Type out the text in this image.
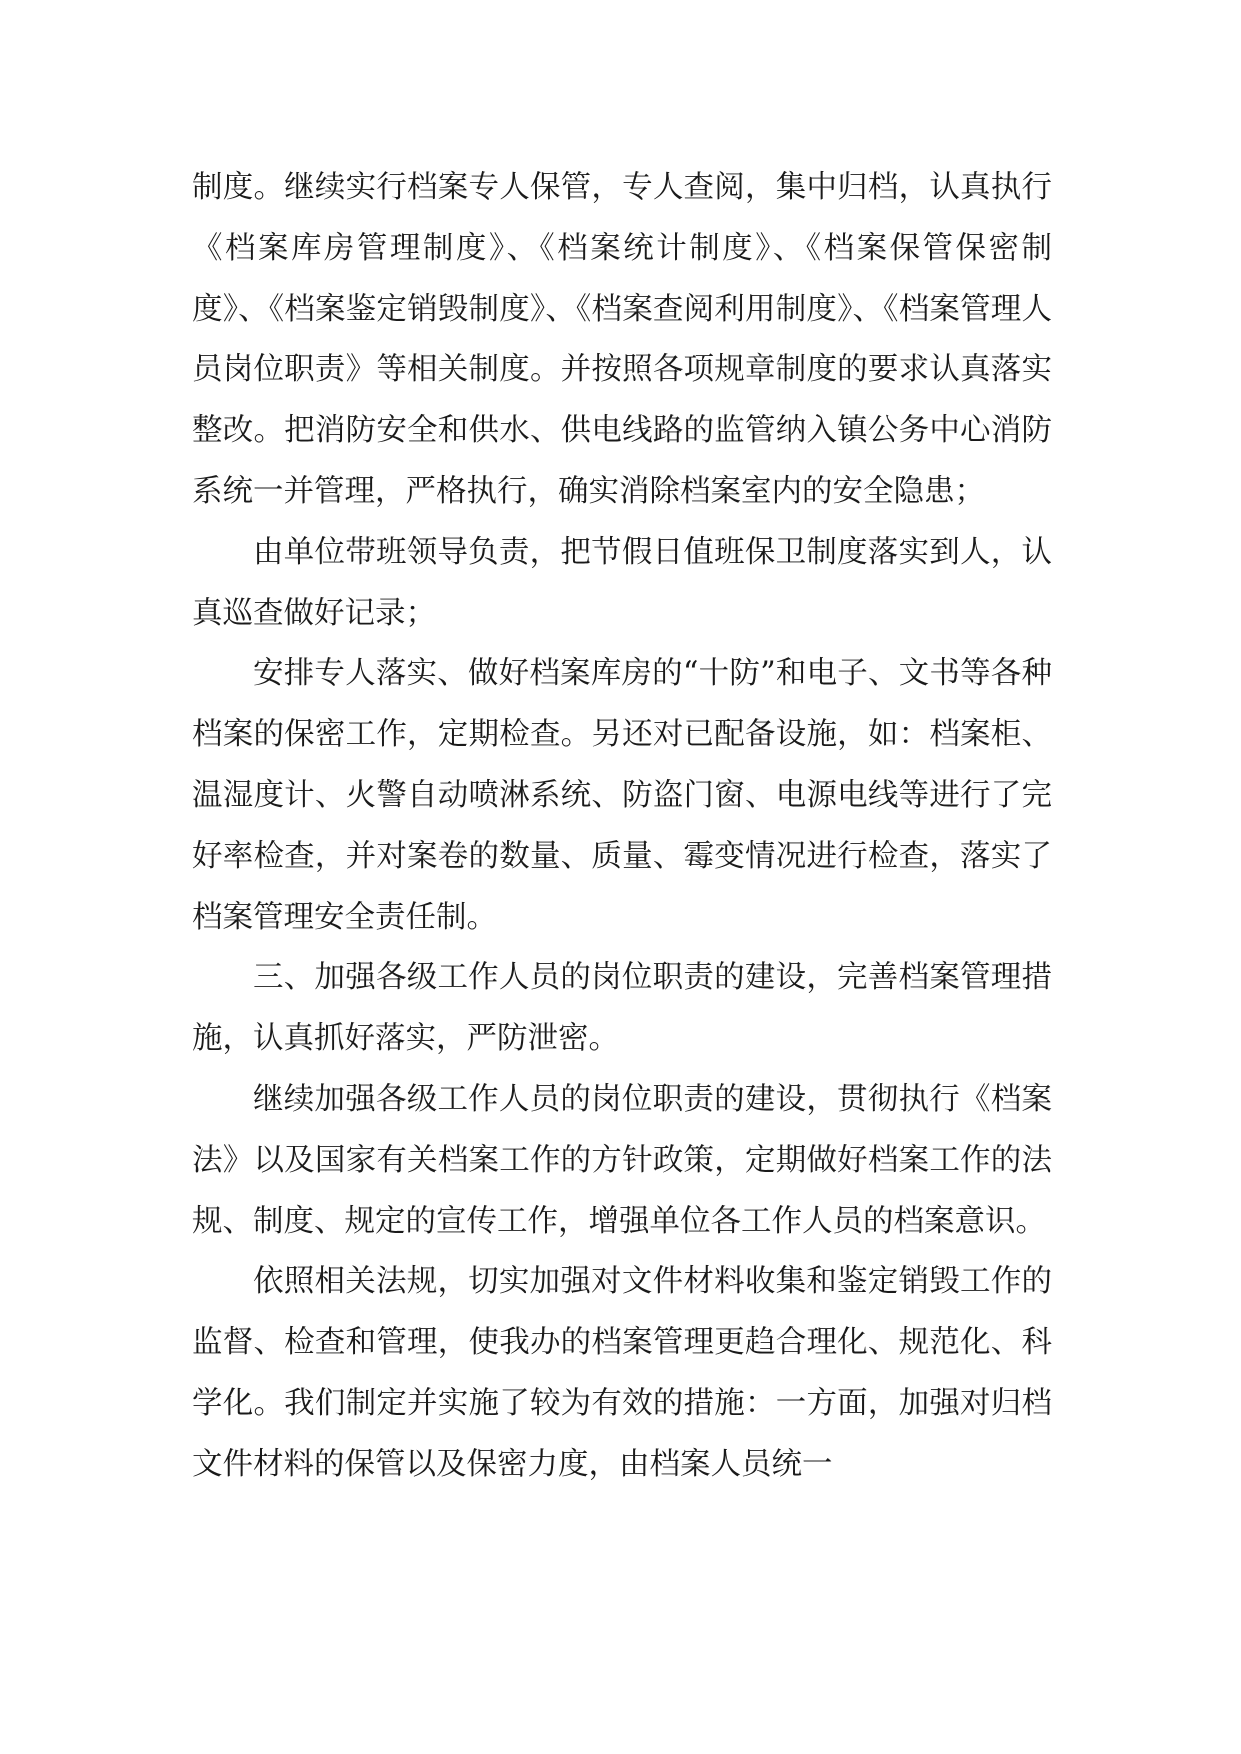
制度。继续实行档案专人保管，专人查阅，集中归档，认真执行《档案库房管理制度》、《档案统计制度》、《档案保管保密制度》、《档案鉴定销毁制度》、《档案查阅利用制度》、《档案管理人员岗位职责》等相关制度。并按照各项规章制度的要求认真落实整改。把消防安全和供水、供电线路的监管纳入镇公务中心消防系统一并管理，严格执行，确实消除档案室内的安全隐患；

由单位带班领导负责，把节假日值班保卫制度落实到人，认真巡查做好记录；

安排专人落实、做好档案库房的“十防”和电子、文书等各种档案的保密工作，定期检查。另还对已配备设施，如：档案柜、温湿度计、火警自动喷淋系统、防盗门窗、电源电线等进行了完好率检查，并对案卷的数量、质量、霉变情况进行检查，落实了档案管理安全责任制。

三、加强各级工作人员的岗位职责的建设，完善档案管理措施，认真抓好落实，严防泄密。

继续加强各级工作人员的岗位职责的建设，贯彻执行《档案法》以及国家有关档案工作的方针政策，定期做好档案工作的法规、制度、规定的宣传工作，增强单位各工作人员的档案意识。

依照相关法规，切实加强对文件材料收集和鉴定销毁工作的监督、检查和管理，使我办的档案管理更趋合理化、规范化、科学化。我们制定并实施了较为有效的措施：一方面，加强对归档文件材料的保管以及保密力度，由档案人员统一
